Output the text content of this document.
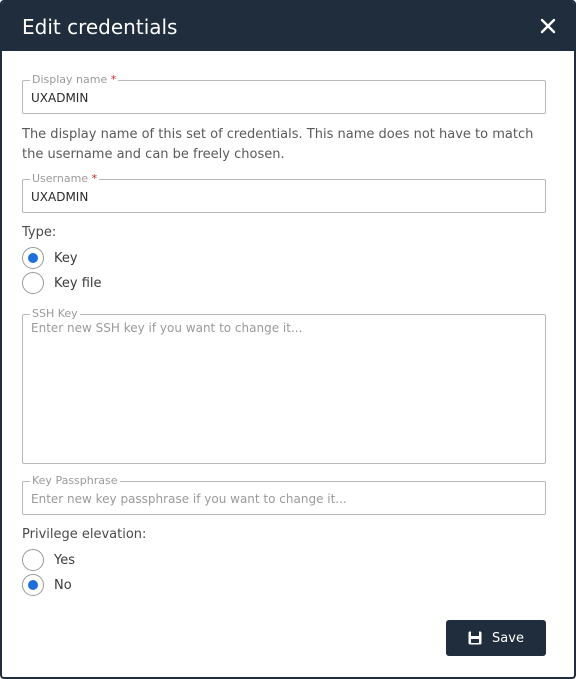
Edit credentials
Display name *
UXADMIN
The display name of this set of credentials. This name does not have to match the username and can be freely chosen.
Username *
UXADMIN
Type:
Key
Key file
SSH Key
Enter new SSH key if you want to change it...
Key Passphrase
Privilege elevation:
Yes
No
Save
